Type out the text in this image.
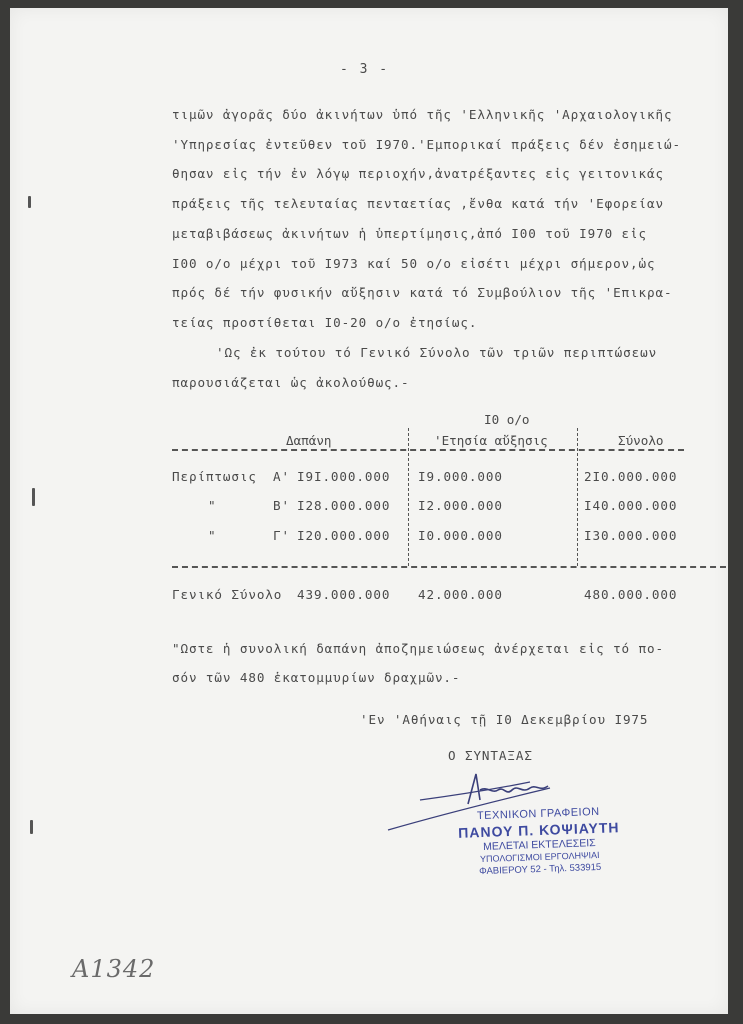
- 3 -
τιμῶν ἀγορᾶς δύο ἀκινήτων ὑπό τῆς 'Ελληνικῆς 'Αρχαιολογικῆς
'Υπηρεσίας ἐντεῦθεν τοῦ I970.'Εμπορικαί πράξεις δέν ἐσημειώ-
θησαν εἰς τήν ἐν λόγῳ περιοχήν,ἀνατρέξαντες εἰς γειτονικάς
πράξεις τῆς τελευταίας πενταετίας ,ἔνθα κατά τήν 'Εφορείαν
μεταβιβάσεως ἀκινήτων ἡ ὑπερτίμησις,ἀπό I00 τοῦ I970 εἰς
I00 ο/ο μέχρι τοῦ I973 καί 50 ο/ο εἰσέτι μέχρι σήμερον,ὡς
πρός δέ τήν φυσικήν αὔξησιν κατά τό Συμβούλιον τῆς 'Επικρα-
τείας προστίθεται I0-20 ο/ο ἐτησίως.
'Ως ἐκ τούτου τό Γενικό Σύνολο τῶν τριῶν περιπτώσεων
παρουσιάζεται ὡς ἀκολούθως.-
I0 ο/ο
Δαπάνη	'Ετησία αὔξησις	Σύνολο
Περίπτωσις Α' I9I.000.000 I9.000.000	2I0.000.000
"	Β' I28.000.000 I2.000.000	I40.000.000
"	Γ' I20.000.000 I0.000.000	I30.000.000
Γενικό Σύνολο 439.000.000 42.000.000	480.000.000
"Ωστε ἡ συνολική δαπάνη ἀποζημειώσεως ἀνέρχεται εἰς τό πο-
σόν τῶν 480 ἑκατομμυρίων δραχμῶν.-
'Εν 'Αθήναις τῇ I0 Δεκεμβρίου I975
Ο ΣΥΝΤΑΞΑΣ
ΤΕΧΝΙΚΟΝ ΓΡΑΦΕΙΟΝ
ΠΑΝΟΥ Π. ΚΟΨΙΑΥΤΗ
ΜΕΛΕΤΑΙ ΕΚΤΕΛΕΣΕΙΣ
ΥΠΟΛΟΓΙΣΜΟΙ ΕΡΓΟΛΗΨΙΑΙ
ΦΑΒΙΕΡΟΥ 52 - Τηλ. 533915
A1342
